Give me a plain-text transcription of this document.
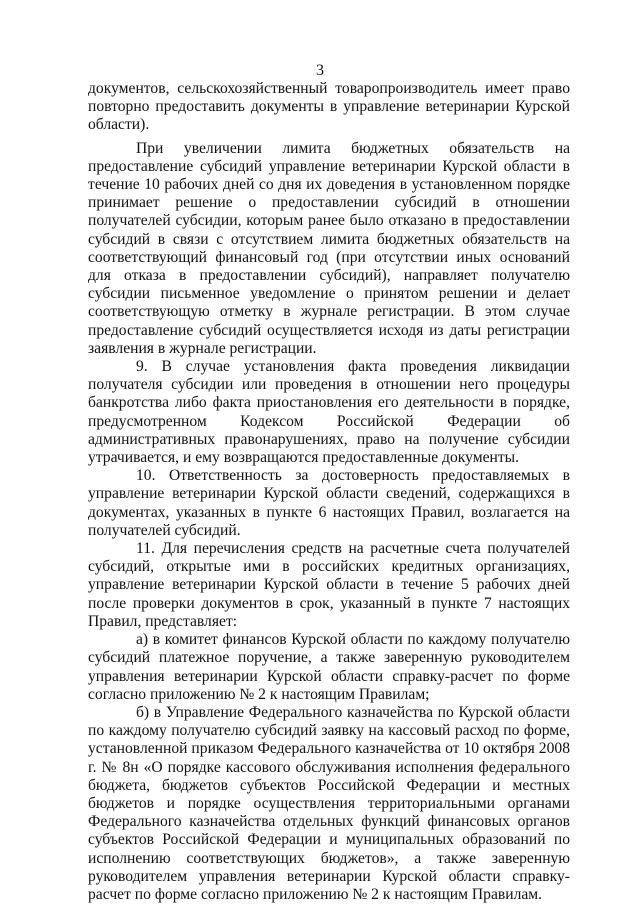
3

документов, сельскохозяйственный товаропроизводитель имеет право повторно предоставить документы в управление ветеринарии Курской области).

При увеличении лимита бюджетных обязательств на предоставление субсидий управление ветеринарии Курской области в течение 10 рабочих дней со дня их доведения в установленном порядке принимает решение о предоставлении субсидий в отношении получателей субсидии, которым ранее было отказано в предоставлении субсидий в связи с отсутствием лимита бюджетных обязательств на соответствующий финансовый год (при отсутствии иных оснований для отказа в предоставлении субсидий), направляет получателю субсидии письменное уведомление о принятом решении и делает соответствующую отметку в журнале регистрации. В этом случае предоставление субсидий осуществляется исходя из даты регистрации заявления в журнале регистрации.

9. В случае установления факта проведения ликвидации получателя субсидии или проведения в отношении него процедуры банкротства либо факта приостановления его деятельности в порядке, предусмотренном Кодексом Российской Федерации об административных правонарушениях, право на получение субсидии утрачивается, и ему возвращаются предоставленные документы.

10. Ответственность за достоверность предоставляемых в управление ветеринарии Курской области сведений, содержащихся в документах, указанных в пункте 6 настоящих Правил, возлагается на получателей субсидий.

11. Для перечисления средств на расчетные счета получателей субсидий, открытые ими в российских кредитных организациях, управление ветеринарии Курской области в течение 5 рабочих дней после проверки документов в срок, указанный в пункте 7 настоящих Правил, представляет:

а) в комитет финансов Курской области по каждому получателю субсидий платежное поручение, а также заверенную руководителем управления ветеринарии Курской области справку-расчет по форме согласно приложению № 2 к настоящим Правилам;

б) в Управление Федерального казначейства по Курской области по каждому получателю субсидий заявку на кассовый расход по форме, установленной приказом Федерального казначейства от 10 октября 2008 г. № 8н «О порядке кассового обслуживания исполнения федерального бюджета, бюджетов субъектов Российской Федерации и местных бюджетов и порядке осуществления территориальными органами Федерального казначейства отдельных функций финансовых органов субъектов Российской Федерации и муниципальных образований по исполнению соответствующих бюджетов», а также заверенную руководителем управления ветеринарии Курской области справку-расчет по форме согласно приложению № 2 к настоящим Правилам.
